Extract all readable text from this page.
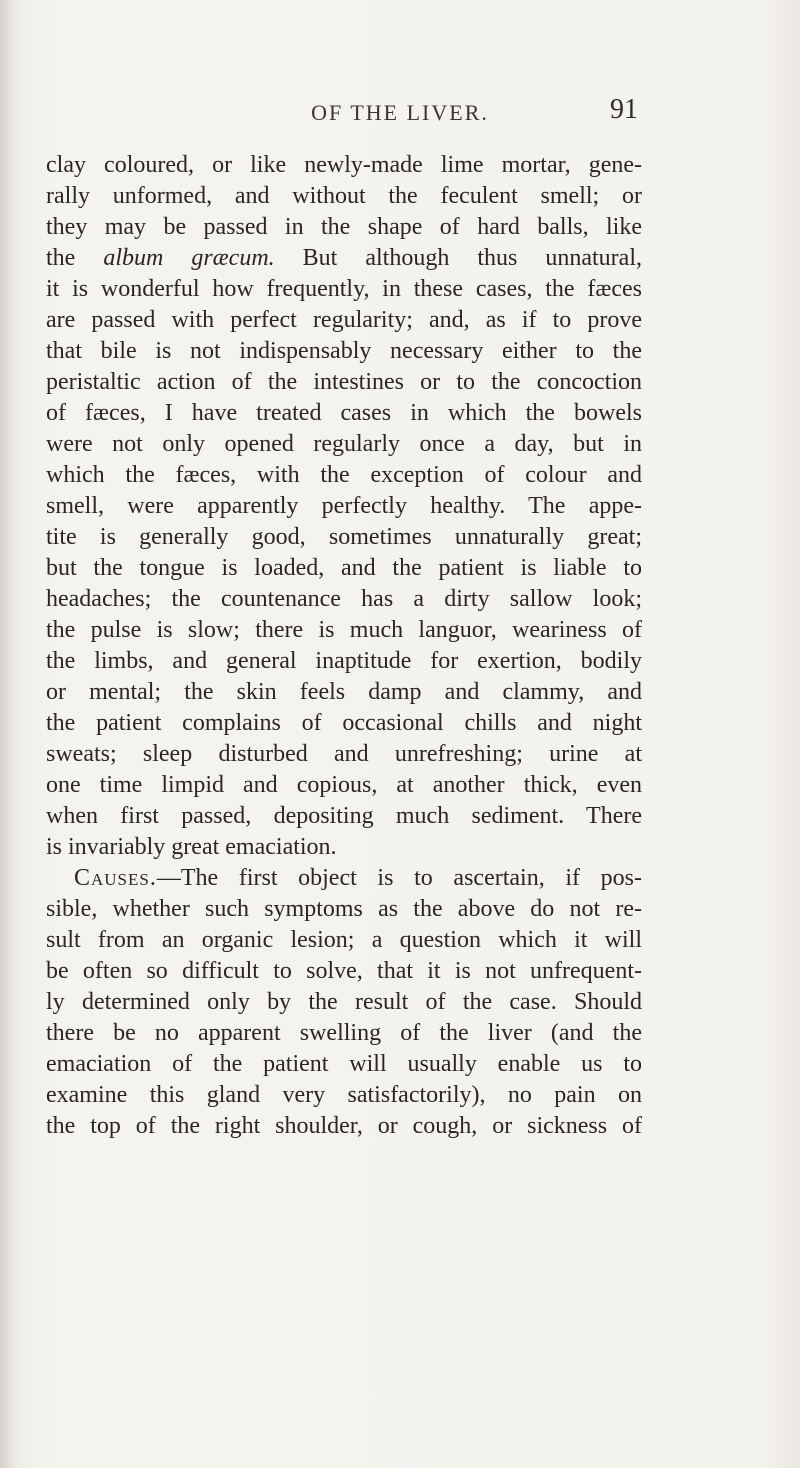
OF THE LIVER.	91
clay coloured, or like newly-made lime mortar, gene-
rally unformed, and without the feculent smell; or
they may be passed in the shape of hard balls, like
the album græcum. But although thus unnatural,
it is wonderful how frequently, in these cases, the fæces
are passed with perfect regularity; and, as if to prove
that bile is not indispensably necessary either to the
peristaltic action of the intestines or to the concoction
of fæces, I have treated cases in which the bowels
were not only opened regularly once a day, but in
which the fæces, with the exception of colour and
smell, were apparently perfectly healthy. The appe-
tite is generally good, sometimes unnaturally great;
but the tongue is loaded, and the patient is liable to
headaches; the countenance has a dirty sallow look;
the pulse is slow; there is much languor, weariness of
the limbs, and general inaptitude for exertion, bodily
or mental; the skin feels damp and clammy, and
the patient complains of occasional chills and night
sweats; sleep disturbed and unrefreshing; urine at
one time limpid and copious, at another thick, even
when first passed, depositing much sediment. There
is invariably great emaciation.
Causes.—The first object is to ascertain, if pos-
sible, whether such symptoms as the above do not re-
sult from an organic lesion; a question which it will
be often so difficult to solve, that it is not unfrequent-
ly determined only by the result of the case. Should
there be no apparent swelling of the liver (and the
emaciation of the patient will usually enable us to
examine this gland very satisfactorily), no pain on
the top of the right shoulder, or cough, or sickness of
